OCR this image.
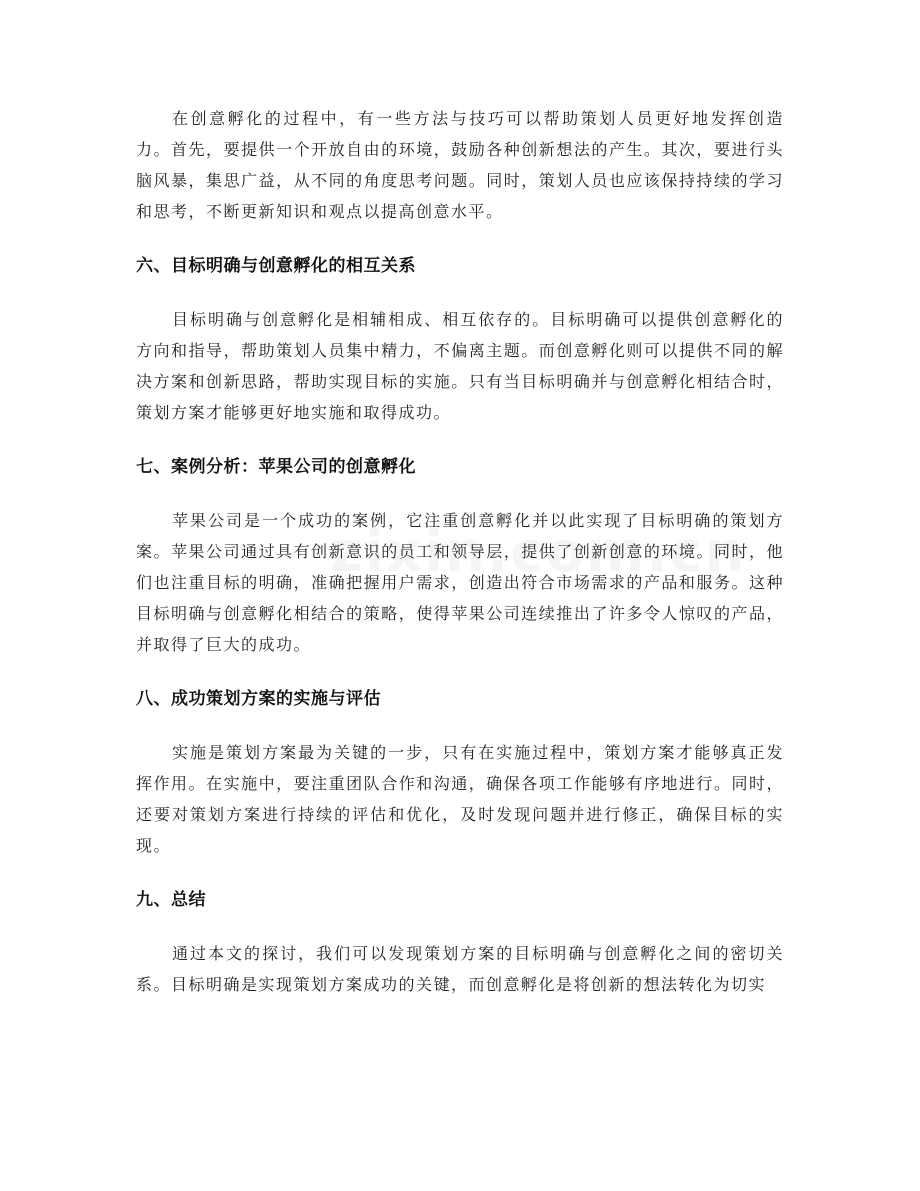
在创意孵化的过程中，有一些方法与技巧可以帮助策划人员更好地发挥创造力。首先，要提供一个开放自由的环境，鼓励各种创新想法的产生。其次，要进行头脑风暴，集思广益，从不同的角度思考问题。同时，策划人员也应该保持持续的学习和思考，不断更新知识和观点以提高创意水平。

六、目标明确与创意孵化的相互关系

目标明确与创意孵化是相辅相成、相互依存的。目标明确可以提供创意孵化的方向和指导，帮助策划人员集中精力，不偏离主题。而创意孵化则可以提供不同的解决方案和创新思路，帮助实现目标的实施。只有当目标明确并与创意孵化相结合时，策划方案才能够更好地实施和取得成功。

七、案例分析：苹果公司的创意孵化

苹果公司是一个成功的案例，它注重创意孵化并以此实现了目标明确的策划方案。苹果公司通过具有创新意识的员工和领导层，提供了创新创意的环境。同时，他们也注重目标的明确，准确把握用户需求，创造出符合市场需求的产品和服务。这种目标明确与创意孵化相结合的策略，使得苹果公司连续推出了许多令人惊叹的产品，并取得了巨大的成功。

八、成功策划方案的实施与评估

实施是策划方案最为关键的一步，只有在实施过程中，策划方案才能够真正发挥作用。在实施中，要注重团队合作和沟通，确保各项工作能够有序地进行。同时，还要对策划方案进行持续的评估和优化，及时发现问题并进行修正，确保目标的实现。

九、总结

通过本文的探讨，我们可以发现策划方案的目标明确与创意孵化之间的密切关系。目标明确是实现策划方案成功的关键，而创意孵化是将创新的想法转化为切实
